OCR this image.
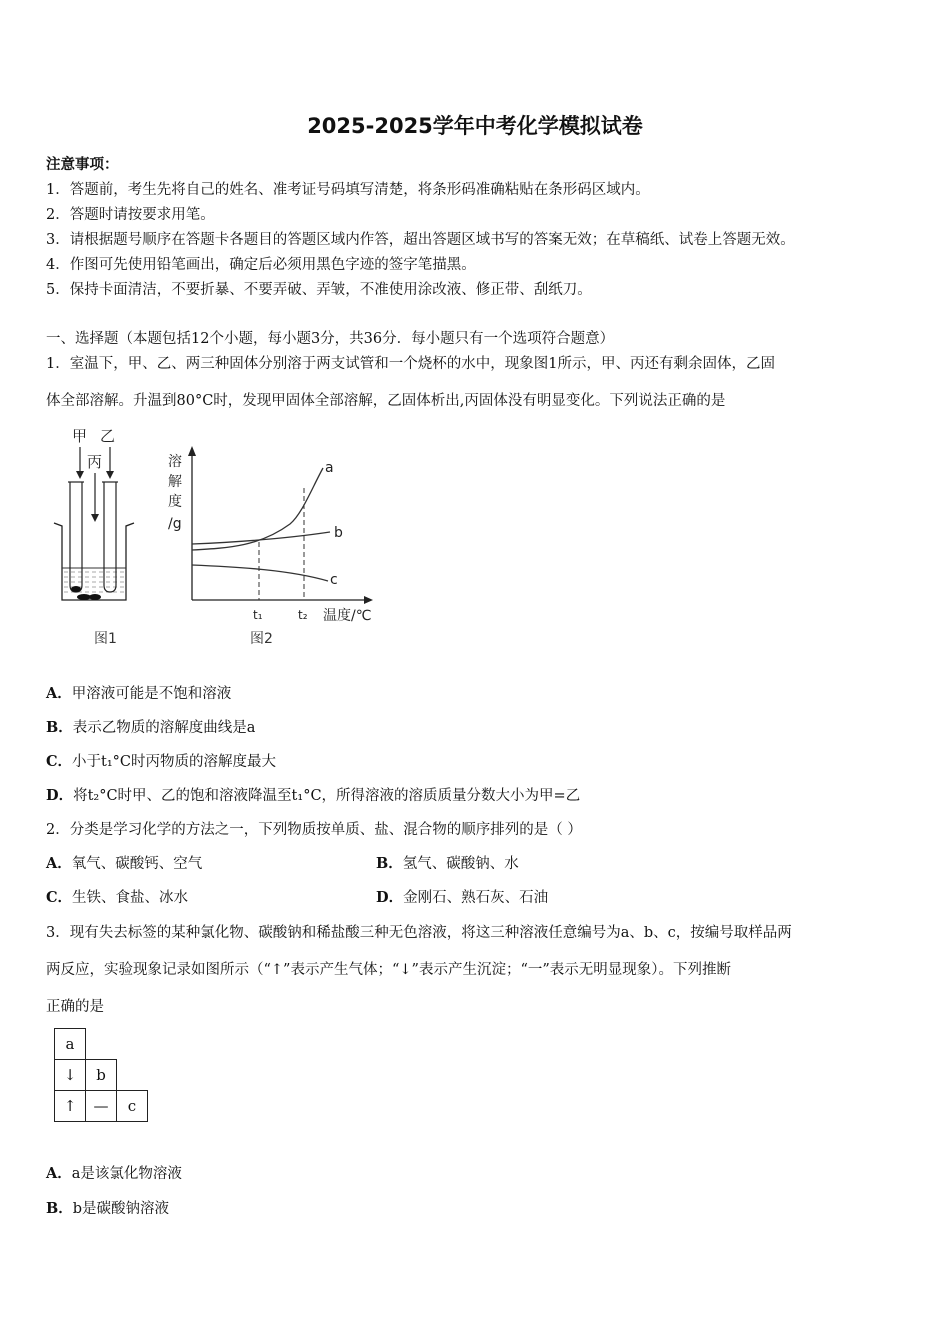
2025-2025学年中考化学模拟试卷
注意事项：
1．答题前，考生先将自己的姓名、准考证号码填写清楚，将条形码准确粘贴在条形码区域内。
2．答题时请按要求用笔。
3．请根据题号顺序在答题卡各题目的答题区域内作答，超出答题区域书写的答案无效；在草稿纸、试卷上答题无效。
4．作图可先使用铅笔画出，确定后必须用黑色字迹的签字笔描黑。
5．保持卡面清洁，不要折暴、不要弄破、弄皱，不准使用涂改液、修正带、刮纸刀。
一、选择题（本题包括12个小题，每小题3分，共36分．每小题只有一个选项符合题意）
1．室温下，甲、乙、两三种固体分别溶于两支试管和一个烧杯的水中，现象图1所示，甲、丙还有剩余固体，乙固
体全部溶解。升温到80°C时，发现甲固体全部溶解，乙固体析出,丙固体没有明显变化。下列说法正确的是
甲 乙
丙
图1
溶
解
度
/g
a
b
c
t₁	t₂ 温度/℃
图2
A．甲溶液可能是不饱和溶液
B．表示乙物质的溶解度曲线是a
C．小于t₁°C时丙物质的溶解度最大
D．将t₂°C时甲、乙的饱和溶液降温至t₁°C，所得溶液的溶质质量分数大小为甲=乙
2．分类是学习化学的方法之一，下列物质按单质、盐、混合物的顺序排列的是（ ）
A．氧气、碳酸钙、空气	B．氢气、碳酸钠、水
C．生铁、食盐、冰水	D．金刚石、熟石灰、石油
3．现有失去标签的某种氯化物、碳酸钠和稀盐酸三种无色溶液，将这三种溶液任意编号为a、b、c，按编号取样品两
两反应，实验现象记录如图所示（“↑”表示产生气体；“↓”表示产生沉淀；“一”表示无明显现象）。下列推断
正确的是
a		
↓	b	
↑	—	c
A．a是该氯化物溶液
B．b是碳酸钠溶液
